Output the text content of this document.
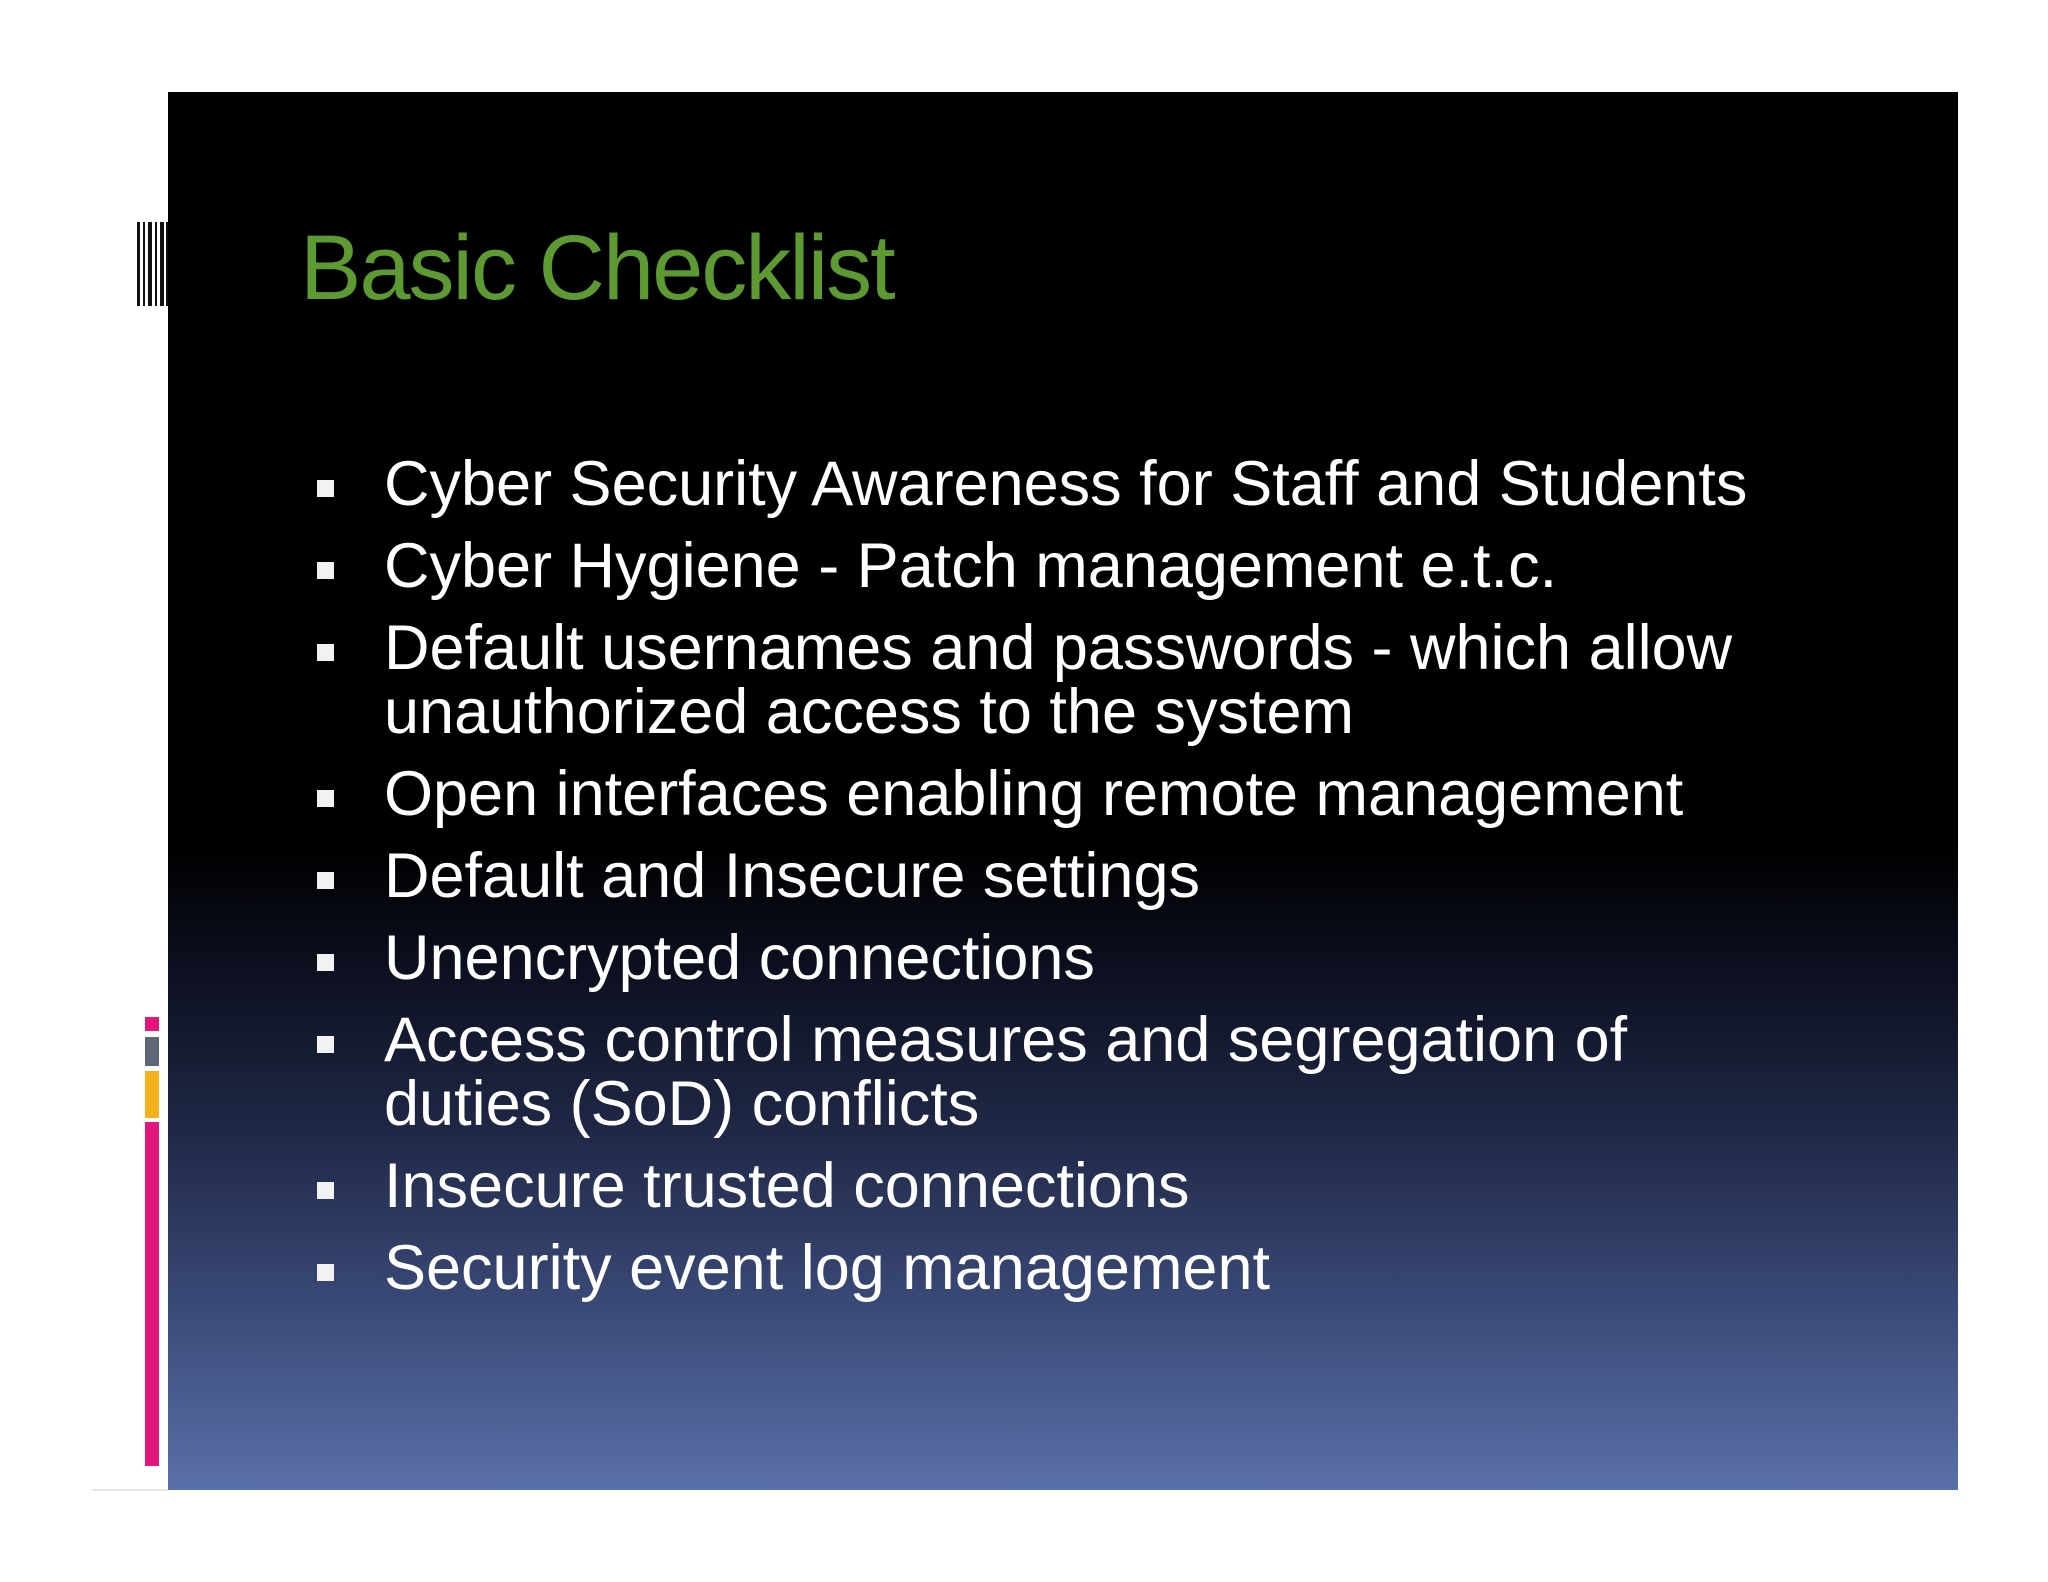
Basic Checklist
Cyber Security Awareness for Staff and Students
Cyber Hygiene - Patch management e.t.c.
Default usernames and passwords - which allow
unauthorized access to the system
Open interfaces enabling remote management
Default and Insecure settings
Unencrypted connections
Access control measures and segregation of
duties (SoD) conflicts
Insecure trusted connections
Security event log management
